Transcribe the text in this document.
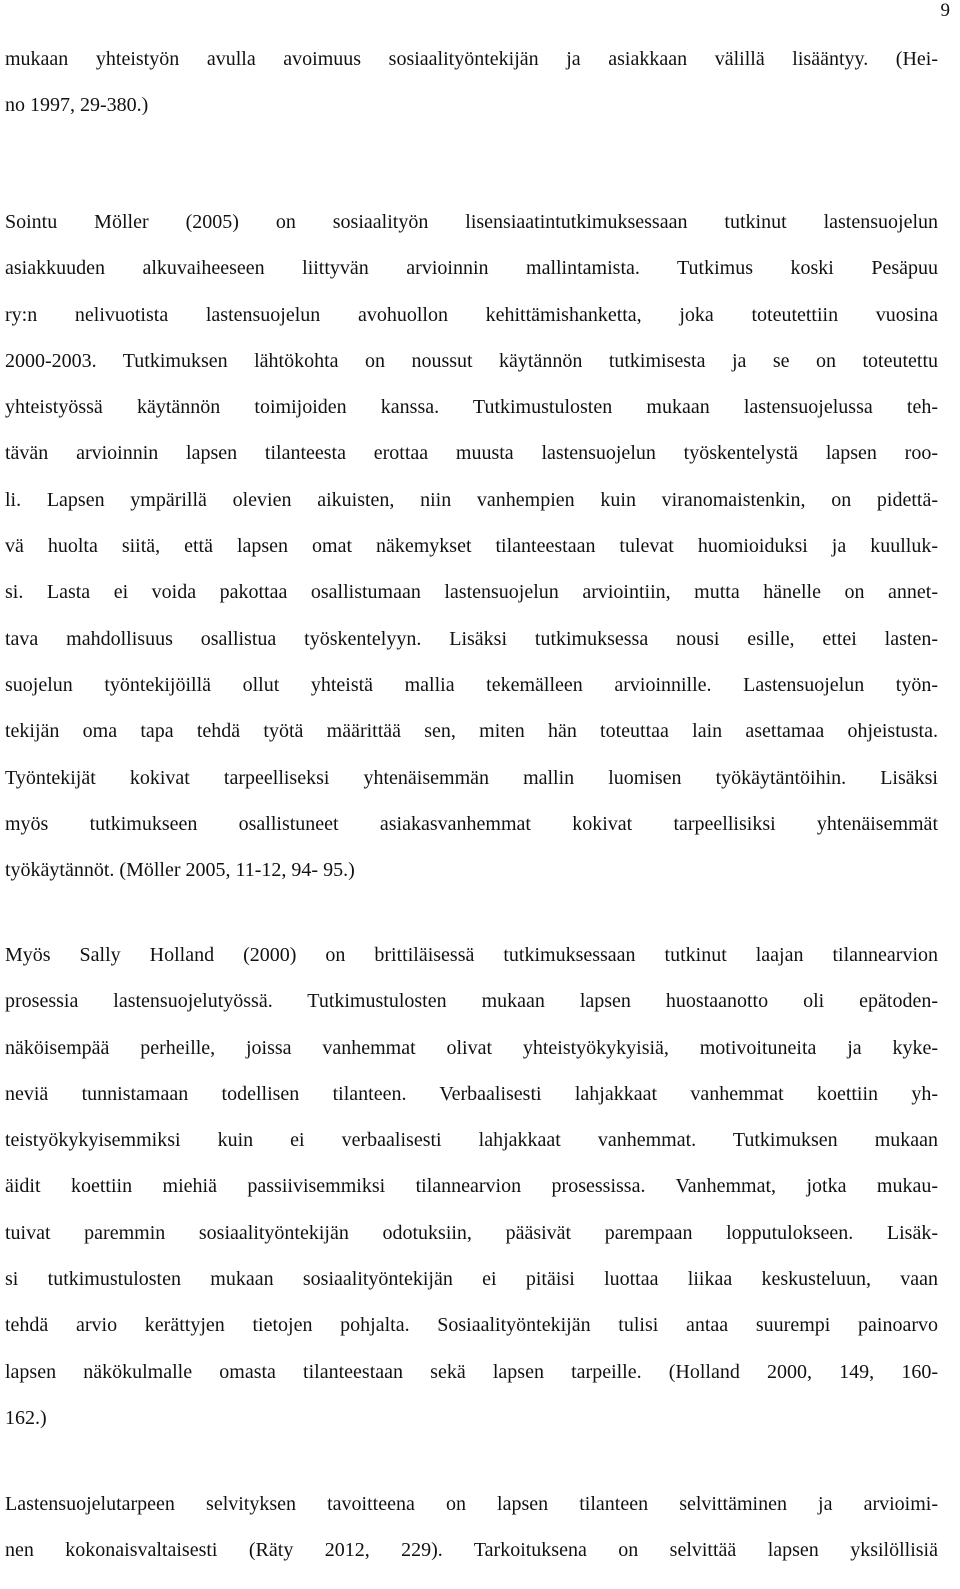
9
mukaan yhteistyön avulla avoimuus sosiaalityöntekijän ja asiakkaan välillä lisääntyy. (Hei-
no 1997, 29-380.)
Sointu Möller (2005) on sosiaalityön lisensiaatintutkimuksessaan tutkinut lastensuojelun
asiakkuuden alkuvaiheeseen liittyvän arvioinnin mallintamista. Tutkimus koski Pesäpuu
ry:n nelivuotista lastensuojelun avohuollon kehittämishanketta, joka toteutettiin vuosina
2000-2003. Tutkimuksen lähtökohta on noussut käytännön tutkimisesta ja se on toteutettu
yhteistyössä käytännön toimijoiden kanssa. Tutkimustulosten mukaan lastensuojelussa teh-
tävän arvioinnin lapsen tilanteesta erottaa muusta lastensuojelun työskentelystä lapsen roo-
li. Lapsen ympärillä olevien aikuisten, niin vanhempien kuin viranomaistenkin, on pidettä-
vä huolta siitä, että lapsen omat näkemykset tilanteestaan tulevat huomioiduksi ja kuulluk-
si. Lasta ei voida pakottaa osallistumaan lastensuojelun arviointiin, mutta hänelle on annet-
tava mahdollisuus osallistua työskentelyyn. Lisäksi tutkimuksessa nousi esille, ettei lasten-
suojelun työntekijöillä ollut yhteistä mallia tekemälleen arvioinnille. Lastensuojelun työn-
tekijän oma tapa tehdä työtä määrittää sen, miten hän toteuttaa lain asettamaa ohjeistusta.
Työntekijät kokivat tarpeelliseksi yhtenäisemmän mallin luomisen työkäytäntöihin. Lisäksi
myös tutkimukseen osallistuneet asiakasvanhemmat kokivat tarpeellisiksi yhtenäisemmät
työkäytännöt. (Möller 2005, 11-12, 94- 95.)
Myös Sally Holland (2000) on brittiläisessä tutkimuksessaan tutkinut laajan tilannearvion
prosessia lastensuojelutyössä. Tutkimustulosten mukaan lapsen huostaanotto oli epätoden-
näköisempää perheille, joissa vanhemmat olivat yhteistyökykyisiä, motivoituneita ja kyke-
neviä tunnistamaan todellisen tilanteen. Verbaalisesti lahjakkaat vanhemmat koettiin yh-
teistyökykyisemmiksi kuin ei verbaalisesti lahjakkaat vanhemmat. Tutkimuksen mukaan
äidit koettiin miehiä passiivisemmiksi tilannearvion prosessissa. Vanhemmat, jotka mukau-
tuivat paremmin sosiaalityöntekijän odotuksiin, pääsivät parempaan lopputulokseen. Lisäk-
si tutkimustulosten mukaan sosiaalityöntekijän ei pitäisi luottaa liikaa keskusteluun, vaan
tehdä arvio kerättyjen tietojen pohjalta. Sosiaalityöntekijän tulisi antaa suurempi painoarvo
lapsen näkökulmalle omasta tilanteestaan sekä lapsen tarpeille. (Holland 2000, 149, 160-
162.)
Lastensuojelutarpeen selvityksen tavoitteena on lapsen tilanteen selvittäminen ja arvioimi-
nen kokonaisvaltaisesti (Räty 2012, 229). Tarkoituksena on selvittää lapsen yksilöllisiä
